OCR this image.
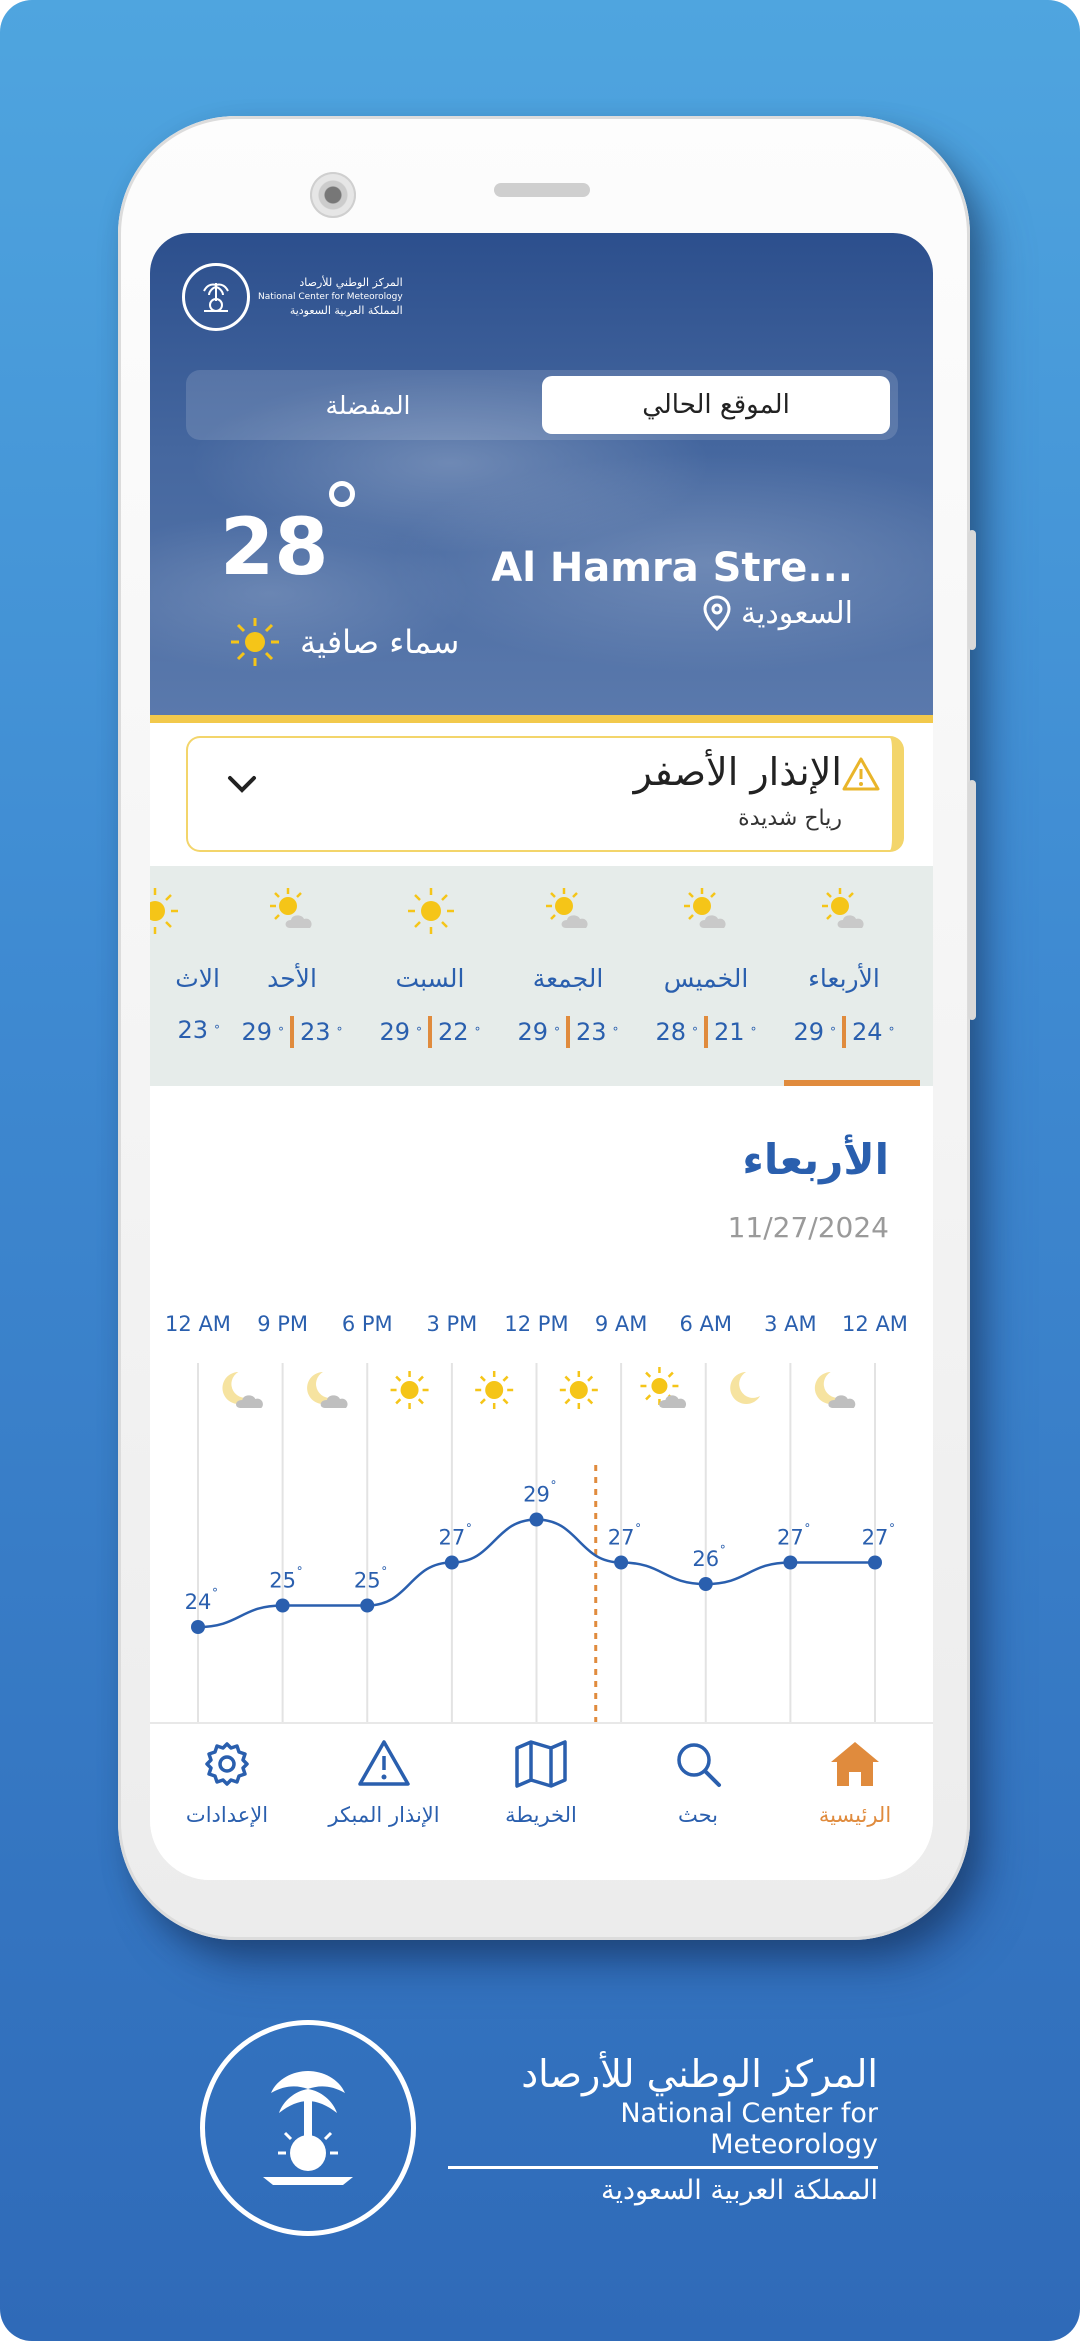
المركز الوطني للأرصاد
National Center for Meteorology
المملكة العربية السعودية
المفضلة	الموقع الحالي
28
سماء صافية
Al Hamra Stre...
السعودية
الإنذار الأصفر
رياح شديدة
الأربعاء
29 ° 24 °
الخميس
28 ° 21 °
الجمعة
29 ° 23 °
السبت
29 ° 22 °
الأحد
29 ° 23 °
الاث
23 °
الأربعاء
11/27/2024
12 AM 9 PM 6 PM 3 PM 12 PM 9 AM 6 AM 3 AM 12 AM
24 °
25 ° 25 °
27 °
29 °
27 °
26 °
27 ° 27 °
الإعدادات	الإنذار المبكر	الخريطة	بحث	الرئيسية
المركز الوطني للأرصاد
National Center for Meteorology
المملكة العربية السعودية
